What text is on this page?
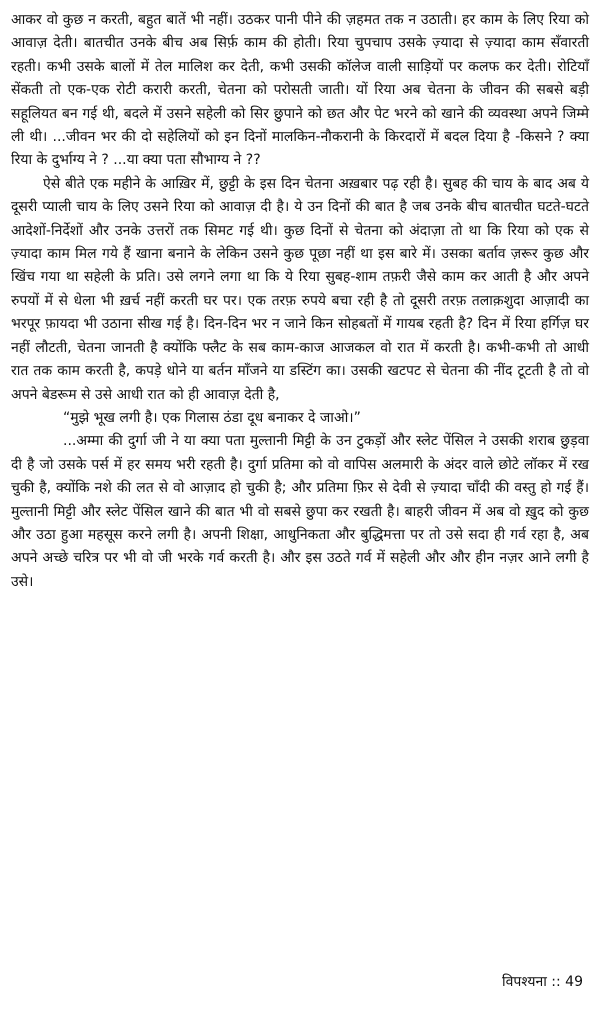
आकर वो कुछ न करती, बहुत बातें भी नहीं। उठकर पानी पीने की ज़हमत तक न उठाती। हर काम के लिए रिया को आवाज़ देती। बातचीत उनके बीच अब सिर्फ़ काम की होती। रिया चुपचाप उसके ज़्यादा से ज़्यादा काम सँवारती रहती। कभी उसके बालों में तेल मालिश कर देती, कभी उसकी कॉलेज वाली साड़ियों पर कलफ कर देती। रोटियाँ सेंकती तो एक-एक रोटी करारी करती, चेतना को परोसती जाती। यों रिया अब चेतना के जीवन की सबसे बड़ी सहूलियत बन गई थी, बदले में उसने सहेली को सिर छुपाने को छत और पेट भरने को खाने की व्यवस्था अपने जिम्मे ली थी। ...जीवन भर की दो सहेलियों को इन दिनों मालकिन-नौकरानी के किरदारों में बदल दिया है -किसने ? क्या रिया के दुर्भाग्य ने ? ...या क्या पता सौभाग्य ने ??

ऐसे बीते एक महीने के आख़िर में, छुट्टी के इस दिन चेतना अख़बार पढ़ रही है। सुबह की चाय के बाद अब ये दूसरी प्याली चाय के लिए उसने रिया को आवाज़ दी है। ये उन दिनों की बात है जब उनके बीच बातचीत घटते-घटते आदेशों-निर्देशों और उनके उत्तरों तक सिमट गई थी। कुछ दिनों से चेतना को अंदाज़ा तो था कि रिया को एक से ज़्यादा काम मिल गये हैं खाना बनाने के लेकिन उसने कुछ पूछा नहीं था इस बारे में। उसका बर्ताव ज़रूर कुछ और खिंच गया था सहेली के प्रति। उसे लगने लगा था कि ये रिया सुबह-शाम तफ़री जैसे काम कर आती है और अपने रुपयों में से धेला भी ख़र्च नहीं करती घर पर। एक तरफ़ रुपये बचा रही है तो दूसरी तरफ़ तलाक़शुदा आज़ादी का भरपूर फ़ायदा भी उठाना सीख गई है। दिन-दिन भर न जाने किन सोहबतों में गायब रहती है? दिन में रिया हर्गिज़ घर नहीं लौटती, चेतना जानती है क्योंकि फ्लैट के सब काम-काज आजकल वो रात में करती है। कभी-कभी तो आधी रात तक काम करती है, कपड़े धोने या बर्तन माँजने या डस्टिंग का। उसकी खटपट से चेतना की नींद टूटती है तो वो अपने बेडरूम से उसे आधी रात को ही आवाज़ देती है,

“मुझे भूख लगी है। एक गिलास ठंडा दूध बनाकर दे जाओ।”

...अम्मा की दुर्गा जी ने या क्या पता मुल्तानी मिट्टी के उन टुकड़ों और स्लेट पेंसिल ने उसकी शराब छुड़वा दी है जो उसके पर्स में हर समय भरी रहती है। दुर्गा प्रतिमा को वो वापिस अलमारी के अंदर वाले छोटे लॉकर में रख चुकी है, क्योंकि नशे की लत से वो आज़ाद हो चुकी है; और प्रतिमा फ़िर से देवी से ज़्यादा चाँदी की वस्तु हो गई हैं। मुल्तानी मिट्टी और स्लेट पेंसिल खाने की बात भी वो सबसे छुपा कर रखती है। बाहरी जीवन में अब वो ख़ुद को कुछ और उठा हुआ महसूस करने लगी है। अपनी शिक्षा, आधुनिकता और बुद्धिमत्ता पर तो उसे सदा ही गर्व रहा है, अब अपने अच्छे चरित्र पर भी वो जी भरके गर्व करती है। और इस उठते गर्व में सहेली और और हीन नज़र आने लगी है उसे।

विपश्यना :: 49
